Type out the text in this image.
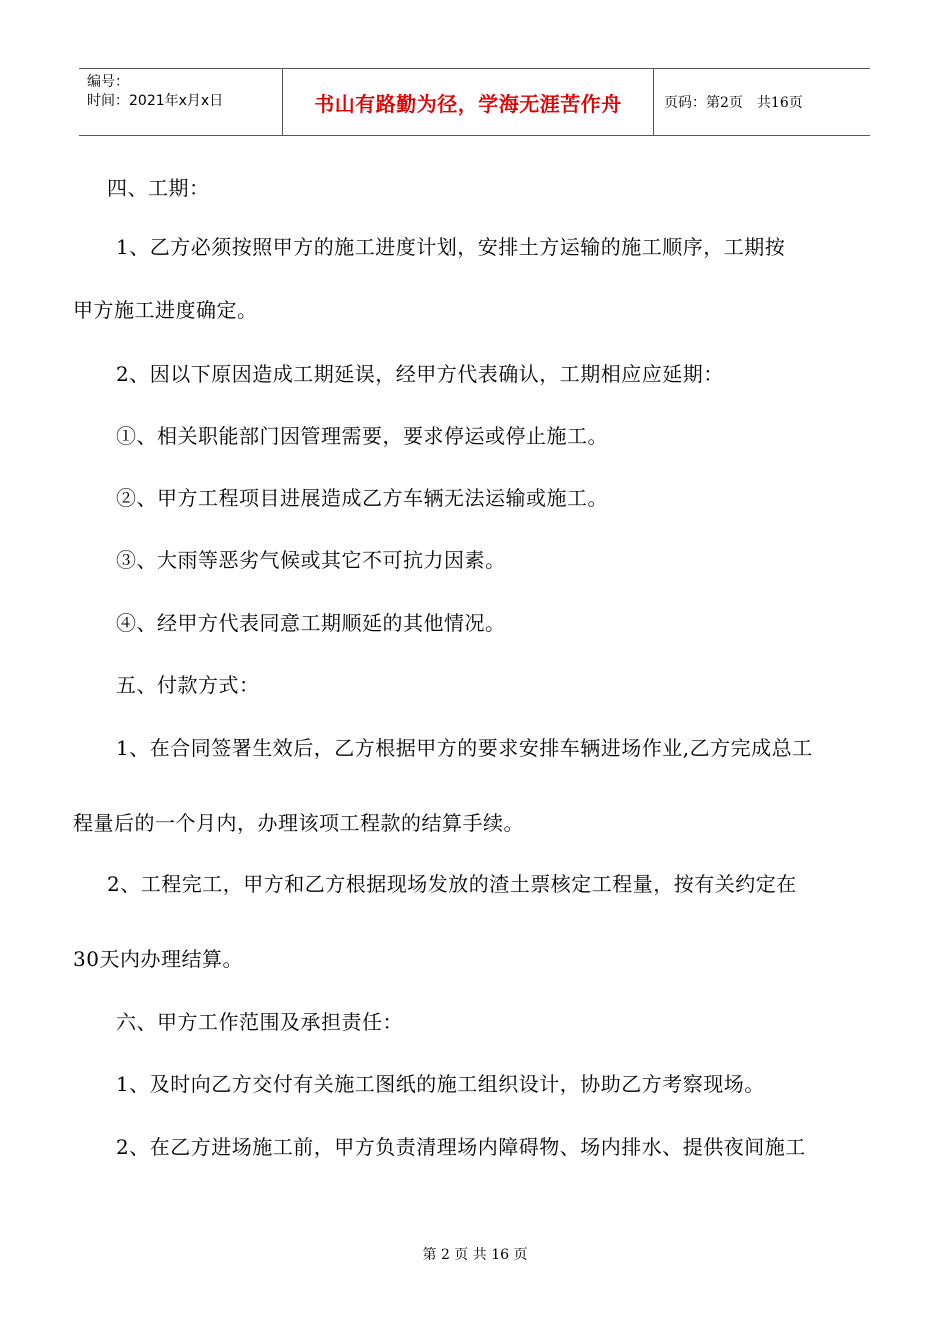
编号：
时间：2021年x月x日	书山有路勤为径，学海无涯苦作舟	页码：第2页　共16页
四、工期：
1、乙方必须按照甲方的施工进度计划，安排土方运输的施工顺序，工期按
甲方施工进度确定。
2、因以下原因造成工期延误，经甲方代表确认，工期相应应延期：
①、相关职能部门因管理需要，要求停运或停止施工。
②、甲方工程项目进展造成乙方车辆无法运输或施工。
③、大雨等恶劣气候或其它不可抗力因素。
④、经甲方代表同意工期顺延的其他情况。
五、付款方式：
1、在合同签署生效后，乙方根据甲方的要求安排车辆进场作业,乙方完成总工
程量后的一个月内，办理该项工程款的结算手续。
2、工程完工，甲方和乙方根据现场发放的渣土票核定工程量，按有关约定在
30天内办理结算。
六、甲方工作范围及承担责任：
1、及时向乙方交付有关施工图纸的施工组织设计，协助乙方考察现场。
2、在乙方进场施工前，甲方负责清理场内障碍物、场内排水、提供夜间施工
第 2 页 共 16 页
